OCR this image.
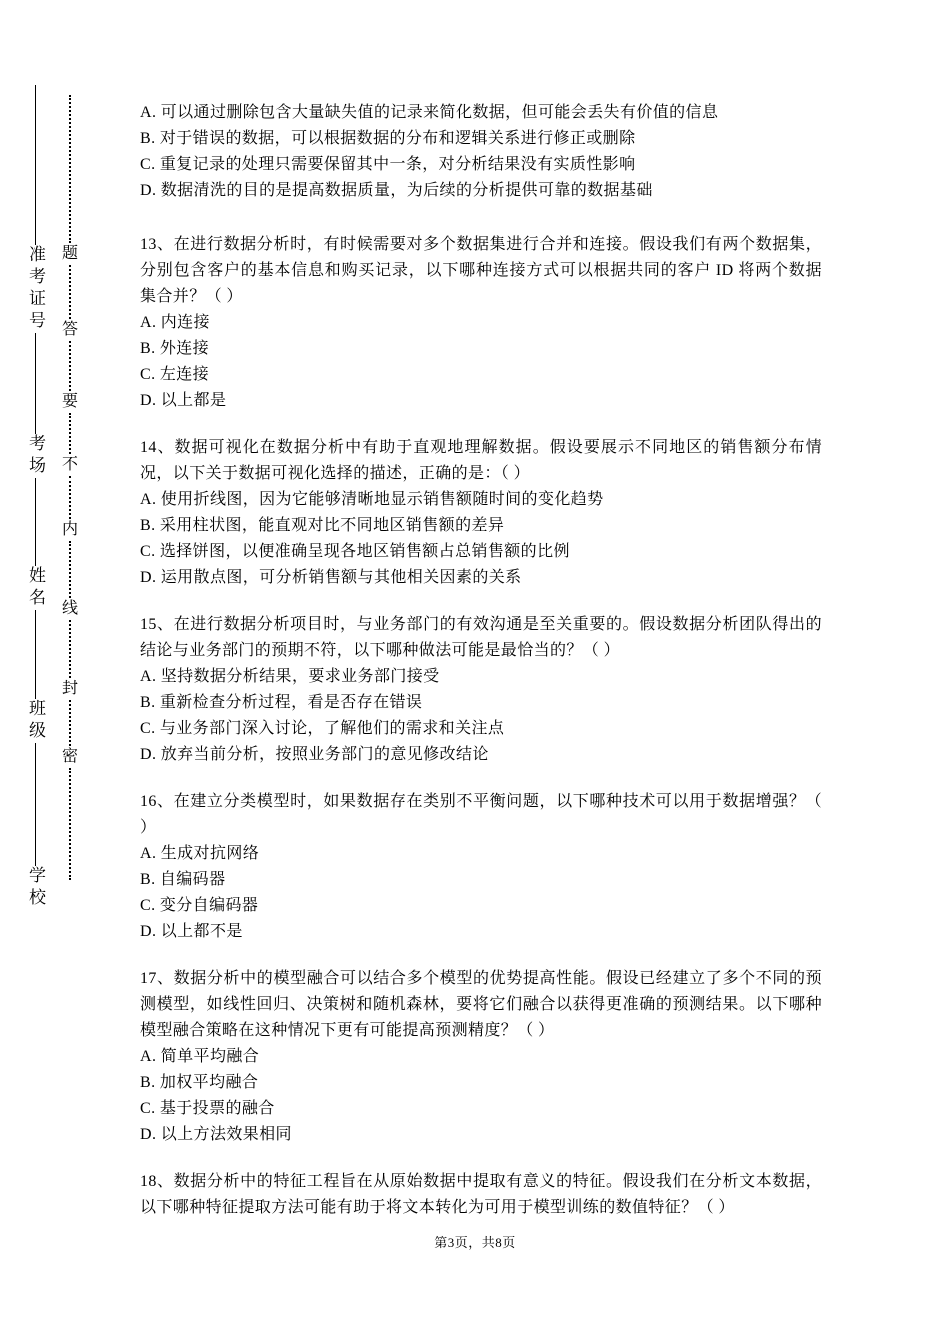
准考证号
考场
姓名
班级
学校
题
答
要
不
内
线
封
密
A. 可以通过删除包含大量缺失值的记录来简化数据，但可能会丢失有价值的信息
B. 对于错误的数据，可以根据数据的分布和逻辑关系进行修正或删除
C. 重复记录的处理只需要保留其中一条，对分析结果没有实质性影响
D. 数据清洗的目的是提高数据质量，为后续的分析提供可靠的数据基础
13、在进行数据分析时，有时候需要对多个数据集进行合并和连接。假设我们有两个数据集，分别包含客户的基本信息和购买记录，以下哪种连接方式可以根据共同的客户 ID 将两个数据集合并？（ ）
A. 内连接
B. 外连接
C. 左连接
D. 以上都是
14、数据可视化在数据分析中有助于直观地理解数据。假设要展示不同地区的销售额分布情况，以下关于数据可视化选择的描述，正确的是：（ ）
A. 使用折线图，因为它能够清晰地显示销售额随时间的变化趋势
B. 采用柱状图，能直观对比不同地区销售额的差异
C. 选择饼图，以便准确呈现各地区销售额占总销售额的比例
D. 运用散点图，可分析销售额与其他相关因素的关系
15、在进行数据分析项目时，与业务部门的有效沟通是至关重要的。假设数据分析团队得出的结论与业务部门的预期不符，以下哪种做法可能是最恰当的？（ ）
A. 坚持数据分析结果，要求业务部门接受
B. 重新检查分析过程，看是否存在错误
C. 与业务部门深入讨论，了解他们的需求和关注点
D. 放弃当前分析，按照业务部门的意见修改结论
16、在建立分类模型时，如果数据存在类别不平衡问题，以下哪种技术可以用于数据增强？（ ）
A. 生成对抗网络
B. 自编码器
C. 变分自编码器
D. 以上都不是
17、数据分析中的模型融合可以结合多个模型的优势提高性能。假设已经建立了多个不同的预测模型，如线性回归、决策树和随机森林，要将它们融合以获得更准确的预测结果。以下哪种模型融合策略在这种情况下更有可能提高预测精度？（ ）
A. 简单平均融合
B. 加权平均融合
C. 基于投票的融合
D. 以上方法效果相同
18、数据分析中的特征工程旨在从原始数据中提取有意义的特征。假设我们在分析文本数据，以下哪种特征提取方法可能有助于将文本转化为可用于模型训练的数值特征？（ ）
第3页，共8页
